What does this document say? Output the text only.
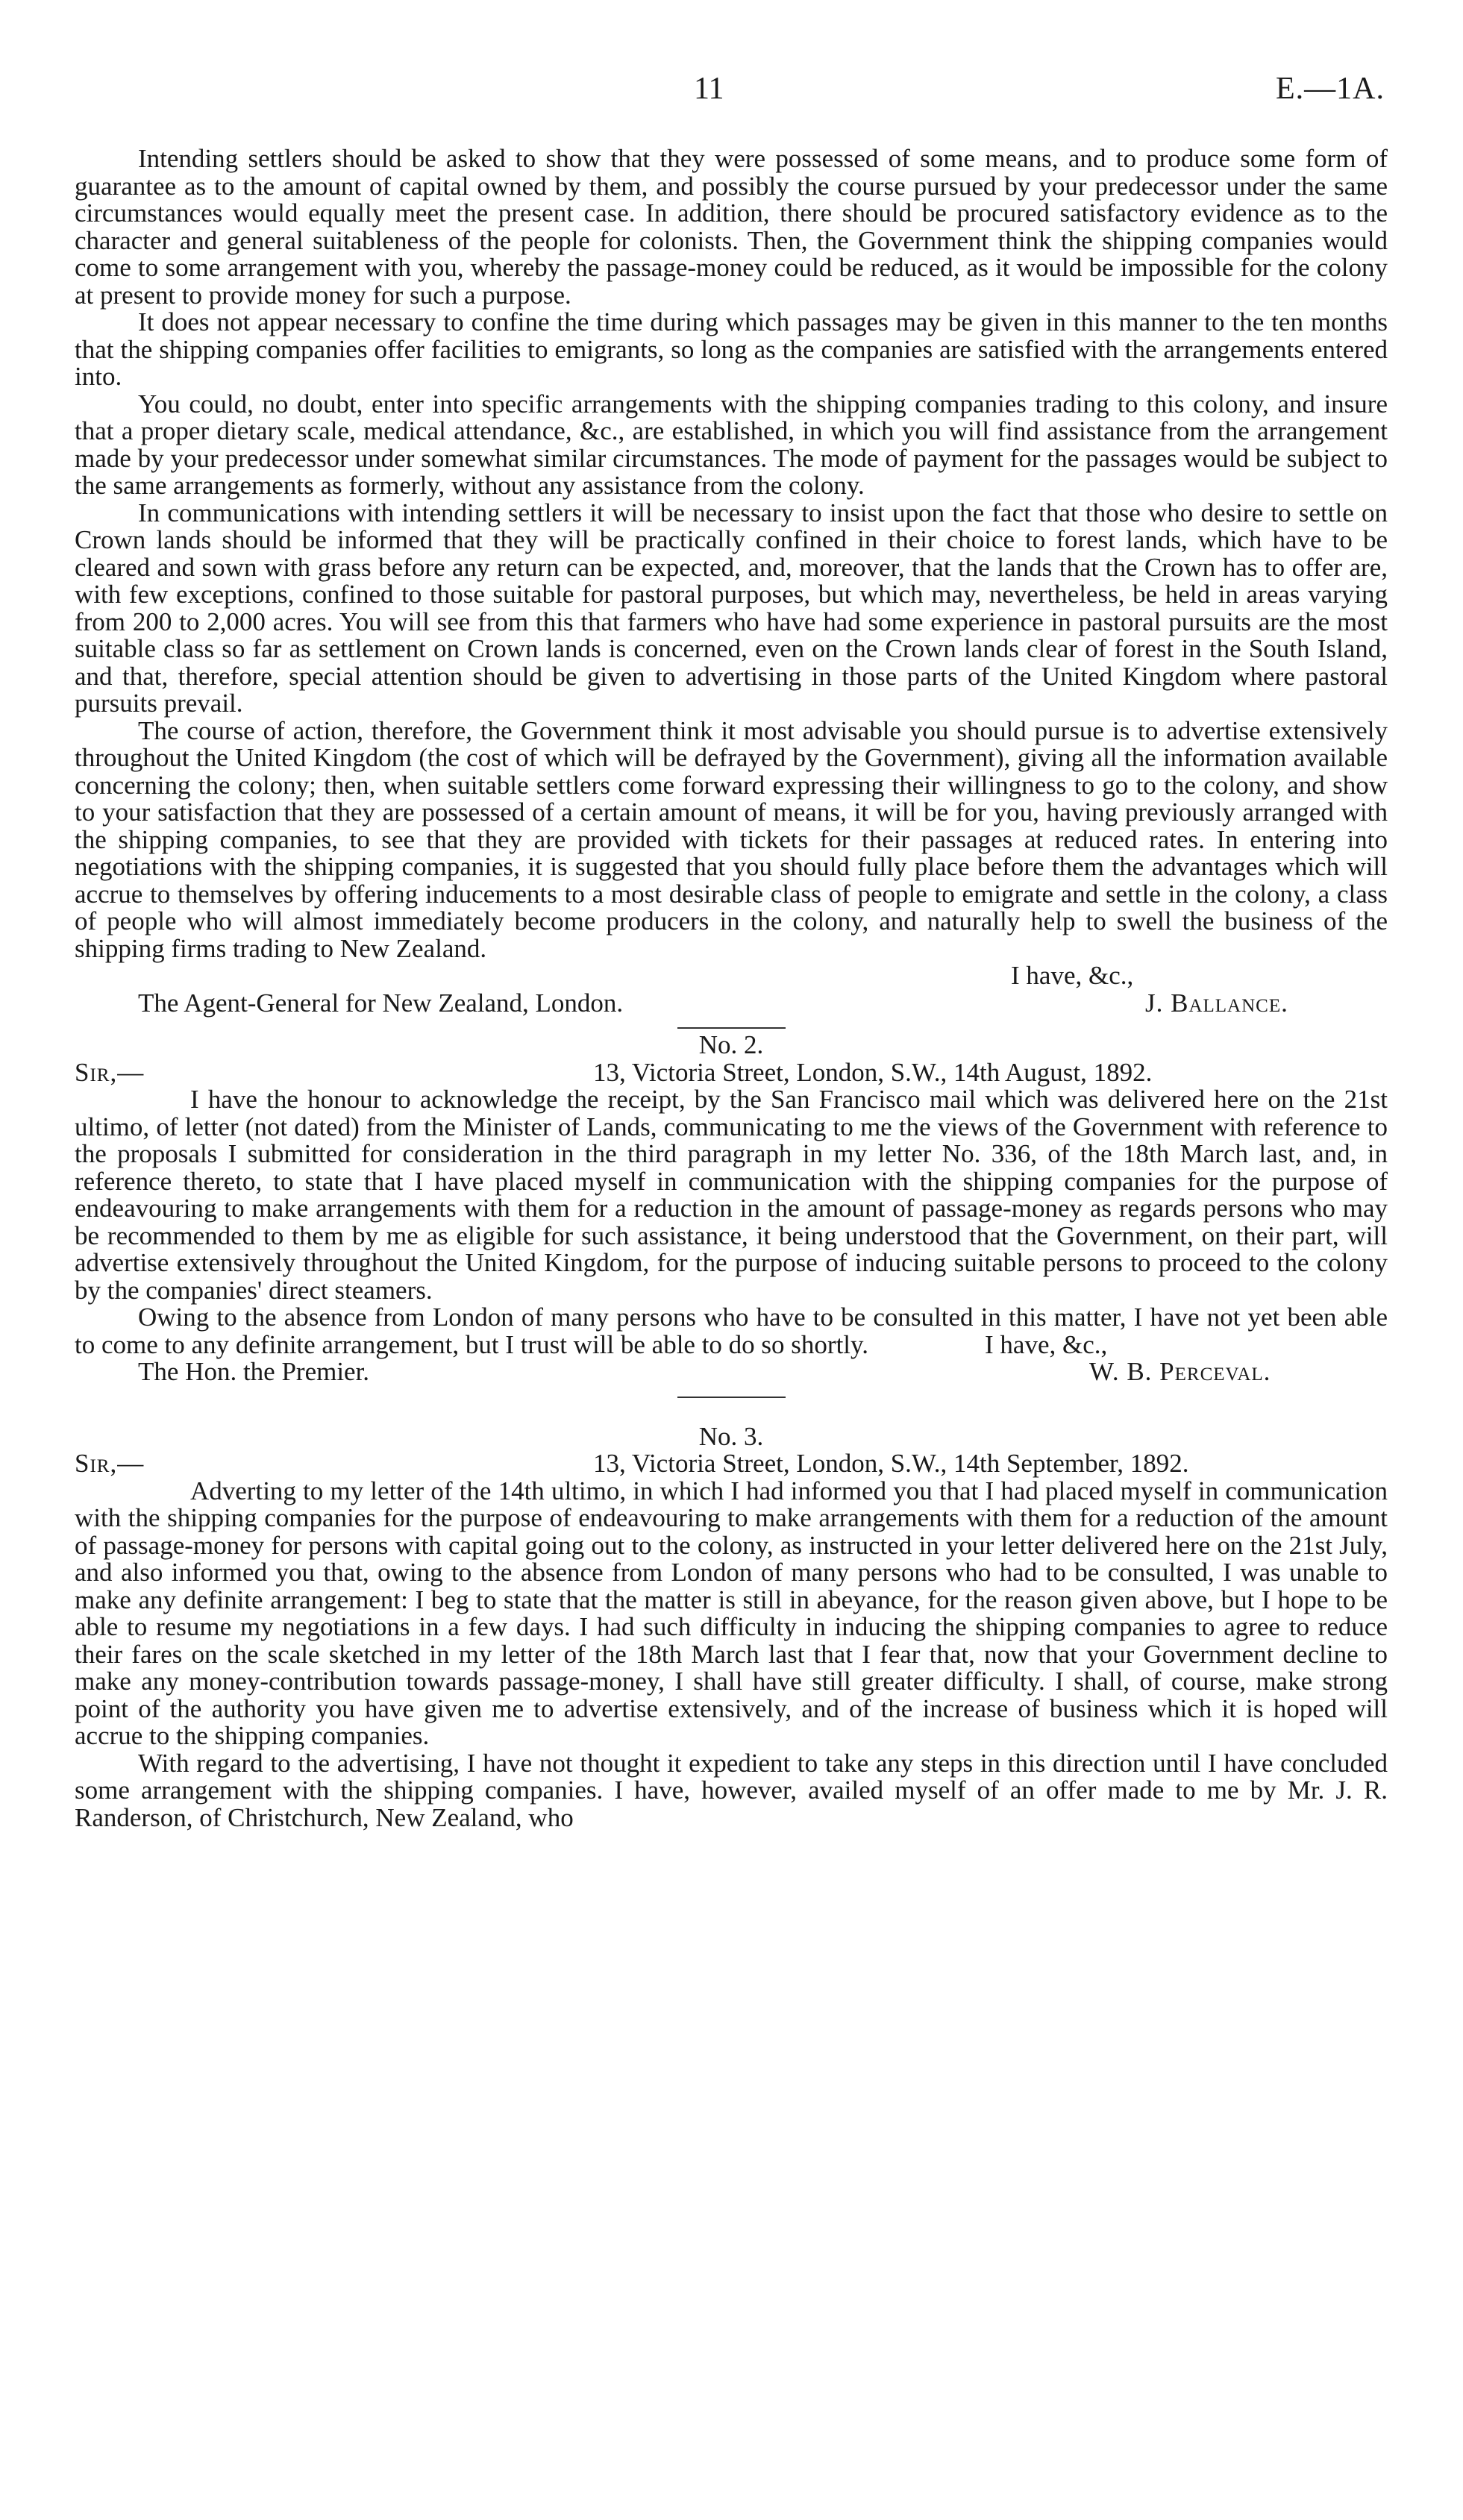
11	E.—1A.

Intending settlers should be asked to show that they were possessed of some means, and to produce some form of guarantee as to the amount of capital owned by them, and possibly the course pursued by your predecessor under the same circumstances would equally meet the present case. In addition, there should be procured satisfactory evidence as to the character and general suitableness of the people for colonists. Then, the Government think the shipping companies would come to some arrangement with you, whereby the passage-money could be reduced, as it would be impossible for the colony at present to provide money for such a purpose.

It does not appear necessary to confine the time during which passages may be given in this manner to the ten months that the shipping companies offer facilities to emigrants, so long as the companies are satisfied with the arrangements entered into.

You could, no doubt, enter into specific arrangements with the shipping companies trading to this colony, and insure that a proper dietary scale, medical attendance, &c., are established, in which you will find assistance from the arrangement made by your predecessor under somewhat similar circumstances. The mode of payment for the passages would be subject to the same arrangements as formerly, without any assistance from the colony.

In communications with intending settlers it will be necessary to insist upon the fact that those who desire to settle on Crown lands should be informed that they will be practically confined in their choice to forest lands, which have to be cleared and sown with grass before any return can be expected, and, moreover, that the lands that the Crown has to offer are, with few exceptions, confined to those suitable for pastoral purposes, but which may, nevertheless, be held in areas varying from 200 to 2,000 acres. You will see from this that farmers who have had some experience in pastoral pursuits are the most suitable class so far as settlement on Crown lands is concerned, even on the Crown lands clear of forest in the South Island, and that, therefore, special attention should be given to advertising in those parts of the United Kingdom where pastoral pursuits prevail.

The course of action, therefore, the Government think it most advisable you should pursue is to advertise extensively throughout the United Kingdom (the cost of which will be defrayed by the Government), giving all the information available concerning the colony; then, when suitable settlers come forward expressing their willingness to go to the colony, and show to your satisfaction that they are possessed of a certain amount of means, it will be for you, having previously arranged with the shipping companies, to see that they are provided with tickets for their passages at reduced rates. In entering into negotiations with the shipping companies, it is suggested that you should fully place before them the advantages which will accrue to themselves by offering inducements to a most desirable class of people to emigrate and settle in the colony, a class of people who will almost immediately become producers in the colony, and naturally help to swell the business of the shipping firms trading to New Zealand.

I have, &c.,
The Agent-General for New Zealand, London.	J. Ballance.
No. 2.
Sir,—	13, Victoria Street, London, S.W., 14th August, 1892.

I have the honour to acknowledge the receipt, by the San Francisco mail which was delivered here on the 21st ultimo, of letter (not dated) from the Minister of Lands, communicating to me the views of the Government with reference to the proposals I submitted for consideration in the third paragraph in my letter No. 336, of the 18th March last, and, in reference thereto, to state that I have placed myself in communication with the shipping companies for the purpose of endeavouring to make arrangements with them for a reduction in the amount of passage-money as regards persons who may be recommended to them by me as eligible for such assistance, it being understood that the Government, on their part, will advertise extensively throughout the United Kingdom, for the purpose of inducing suitable persons to proceed to the colony by the companies' direct steamers.

Owing to the absence from London of many persons who have to be consulted in this matter, I have not yet been able to come to any definite arrangement, but I trust will be able to do so shortly.	I have, &c.,
The Hon. the Premier.	W. B. Perceval.
No. 3.
Sir,—	13, Victoria Street, London, S.W., 14th September, 1892.

Adverting to my letter of the 14th ultimo, in which I had informed you that I had placed myself in communication with the shipping companies for the purpose of endeavouring to make arrangements with them for a reduction of the amount of passage-money for persons with capital going out to the colony, as instructed in your letter delivered here on the 21st July, and also informed you that, owing to the absence from London of many persons who had to be consulted, I was unable to make any definite arrangement: I beg to state that the matter is still in abeyance, for the reason given above, but I hope to be able to resume my negotiations in a few days. I had such difficulty in inducing the shipping companies to agree to reduce their fares on the scale sketched in my letter of the 18th March last that I fear that, now that your Government decline to make any money-contribution towards passage-money, I shall have still greater difficulty. I shall, of course, make strong point of the authority you have given me to advertise extensively, and of the increase of business which it is hoped will accrue to the shipping companies.

With regard to the advertising, I have not thought it expedient to take any steps in this direction until I have concluded some arrangement with the shipping companies. I have, however, availed myself of an offer made to me by Mr. J. R. Randerson, of Christchurch, New Zealand, who
